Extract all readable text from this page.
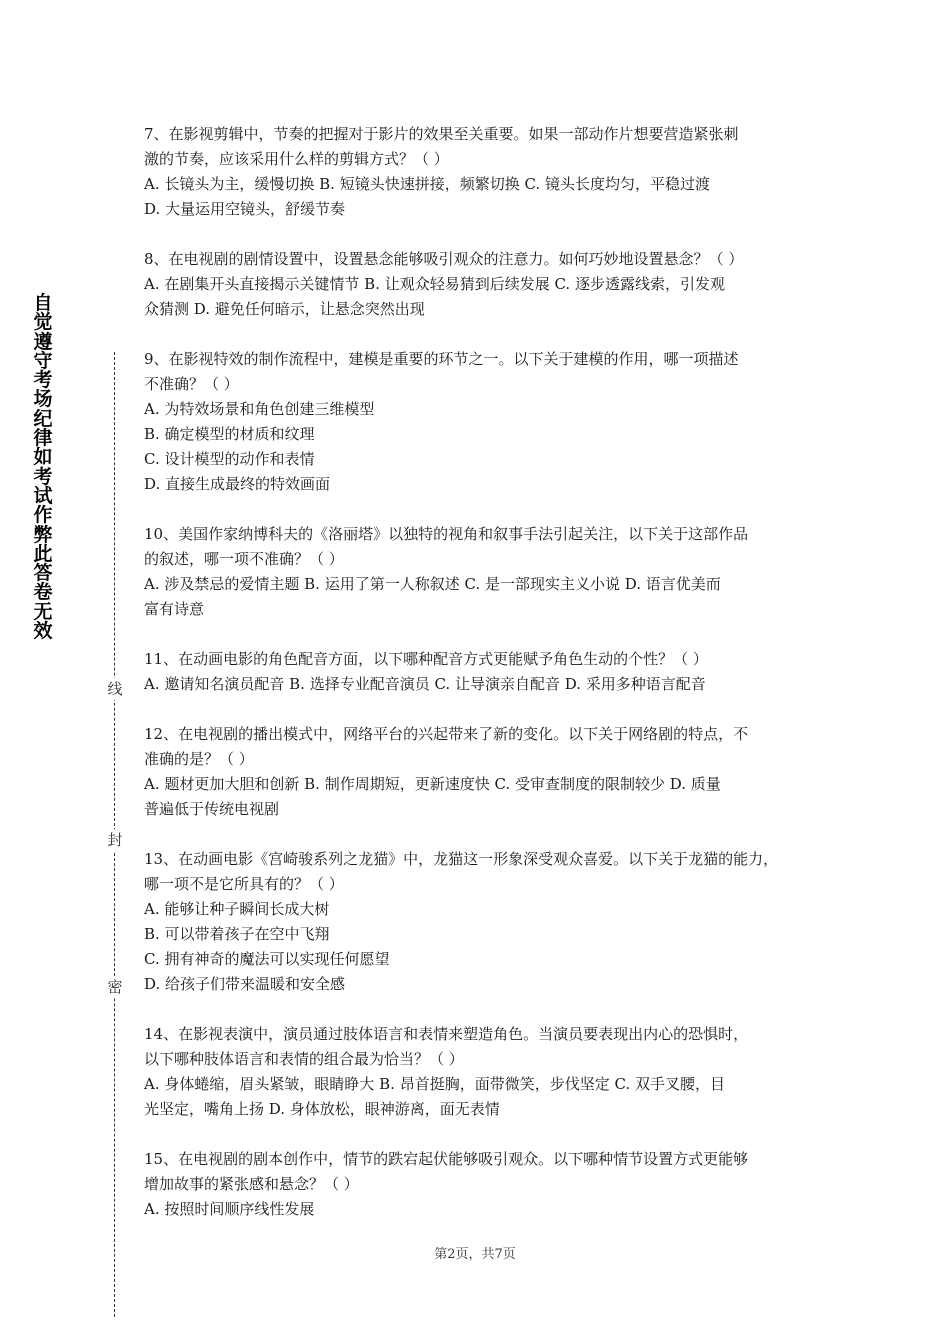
自
觉
遵
守
考
场
纪
律
如
考
试
作
弊
此
答
卷
无
效
线
封
密
7、在影视剪辑中，节奏的把握对于影片的效果至关重要。如果一部动作片想要营造紧张刺
激的节奏，应该采用什么样的剪辑方式？（ ）
A. 长镜头为主，缓慢切换 B. 短镜头快速拼接，频繁切换 C. 镜头长度均匀，平稳过渡
D. 大量运用空镜头，舒缓节奏
8、在电视剧的剧情设置中，设置悬念能够吸引观众的注意力。如何巧妙地设置悬念？（ ）
A. 在剧集开头直接揭示关键情节 B. 让观众轻易猜到后续发展 C. 逐步透露线索，引发观
众猜测 D. 避免任何暗示，让悬念突然出现
9、在影视特效的制作流程中，建模是重要的环节之一。以下关于建模的作用，哪一项描述
不准确？（ ）
A. 为特效场景和角色创建三维模型
B. 确定模型的材质和纹理
C. 设计模型的动作和表情
D. 直接生成最终的特效画面
10、美国作家纳博科夫的《洛丽塔》以独特的视角和叙事手法引起关注，以下关于这部作品
的叙述，哪一项不准确？（ ）
A. 涉及禁忌的爱情主题 B. 运用了第一人称叙述 C. 是一部现实主义小说 D. 语言优美而
富有诗意
11、在动画电影的角色配音方面，以下哪种配音方式更能赋予角色生动的个性？（ ）
A. 邀请知名演员配音 B. 选择专业配音演员 C. 让导演亲自配音 D. 采用多种语言配音
12、在电视剧的播出模式中，网络平台的兴起带来了新的变化。以下关于网络剧的特点，不
准确的是？（ ）
A. 题材更加大胆和创新 B. 制作周期短，更新速度快 C. 受审查制度的限制较少 D. 质量
普遍低于传统电视剧
13、在动画电影《宫崎骏系列之龙猫》中，龙猫这一形象深受观众喜爱。以下关于龙猫的能力，
哪一项不是它所具有的？（ ）
A. 能够让种子瞬间长成大树
B. 可以带着孩子在空中飞翔
C. 拥有神奇的魔法可以实现任何愿望
D. 给孩子们带来温暖和安全感
14、在影视表演中，演员通过肢体语言和表情来塑造角色。当演员要表现出内心的恐惧时，
以下哪种肢体语言和表情的组合最为恰当？（ ）
A. 身体蜷缩，眉头紧皱，眼睛睁大 B. 昂首挺胸，面带微笑，步伐坚定 C. 双手叉腰，目
光坚定，嘴角上扬 D. 身体放松，眼神游离，面无表情
15、在电视剧的剧本创作中，情节的跌宕起伏能够吸引观众。以下哪种情节设置方式更能够
增加故事的紧张感和悬念？（ ）
A. 按照时间顺序线性发展
第2页，共7页
